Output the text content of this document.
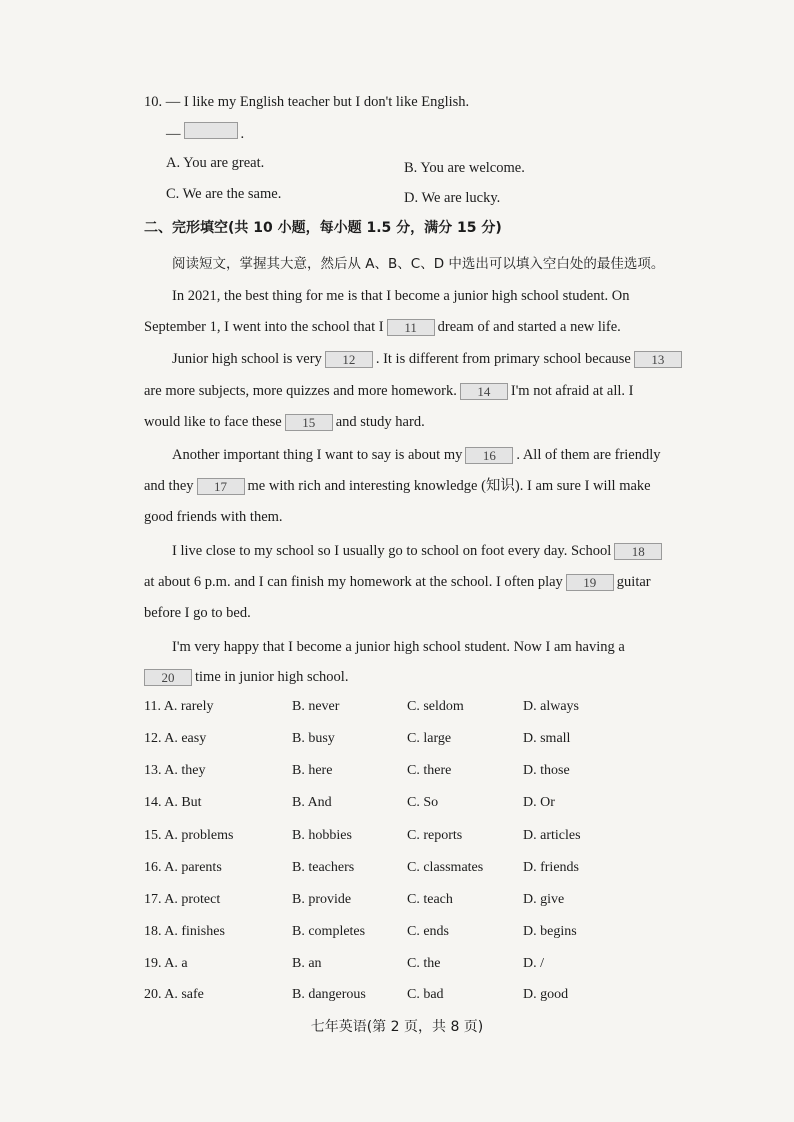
10. — I like my English teacher but I don't like English.
—	.
A. You are great.	B. You are welcome.
C. We are the same.	D. We are lucky.
二、完形填空(共 10 小题，每小题 1.5 分，满分 15 分)
阅读短文，掌握其大意，然后从 A、B、C、D 中选出可以填入空白处的最佳选项。
In 2021, the best thing for me is that I become a junior high school student. On
September 1, I went into the school that I 11 dream of and started a new life.
Junior high school is very 12 . It is different from primary school because 13
are more subjects, more quizzes and more homework. 14 I'm not afraid at all. I
would like to face these 15 and study hard.
Another important thing I want to say is about my 16 . All of them are friendly
and they 17 me with rich and interesting knowledge (知识). I am sure I will make
good friends with them.
I live close to my school so I usually go to school on foot every day. School 18
at about 6 p.m. and I can finish my homework at the school. I often play 19 guitar
before I go to bed.
I'm very happy that I become a junior high school student. Now I am having a
20 time in junior high school.
11. A. rarely	B. never	C. seldom	D. always
12. A. easy	B. busy	C. large	D. small
13. A. they	B. here	C. there	D. those
14. A. But	B. And	C. So	D. Or
15. A. problems	B. hobbies	C. reports	D. articles
16. A. parents	B. teachers	C. classmates	D. friends
17. A. protect	B. provide	C. teach	D. give
18. A. finishes	B. completes	C. ends	D. begins
19. A. a	B. an	C. the	D. /
20. A. safe	B. dangerous	C. bad	D. good
七年英语(第 2 页，共 8 页)
